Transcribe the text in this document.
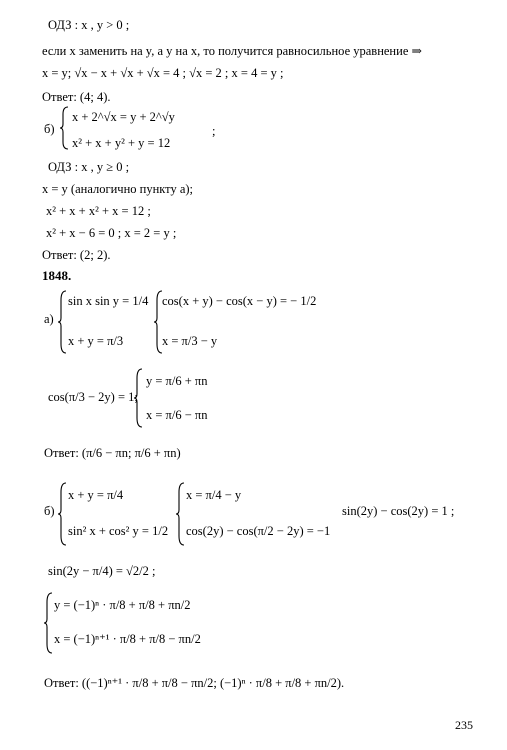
ОДЗ : x , y > 0 ;
если x заменить на y, а y на x, то получится равносильное уравнение ⇒
x = y; √x − x + √x + √x = 4 ; √x = 2 ; x = 4 = y ;
Ответ: (4; 4).
б)
x + 2^√x = y + 2^√y
x² + x + y² + y = 12
;
ОДЗ : x , y ≥ 0 ;
x = y (аналогично пункту а);
x² + x + x² + x = 12 ;
x² + x − 6 = 0 ; x = 2 = y ;
Ответ: (2; 2).
1848.
а)
sin x sin y = 1/4
x + y = π/3
cos(x + y) − cos(x − y) = − 1/2
x = π/3 − y
cos(π/3 − 2y) = 1;
y = π/6 + πn
x = π/6 − πn
Ответ: (π/6 − πn; π/6 + πn)
б)
x + y = π/4
sin² x + cos² y = 1/2
x = π/4 − y
cos(2y) − cos(π/2 − 2y) = −1
sin(2y) − cos(2y) = 1 ;
sin(2y − π/4) = √2/2 ;
y = (−1)ⁿ · π/8 + π/8 + πn/2
x = (−1)ⁿ⁺¹ · π/8 + π/8 − πn/2
Ответ: ((−1)ⁿ⁺¹ · π/8 + π/8 − πn/2; (−1)ⁿ · π/8 + π/8 + πn/2).
235
